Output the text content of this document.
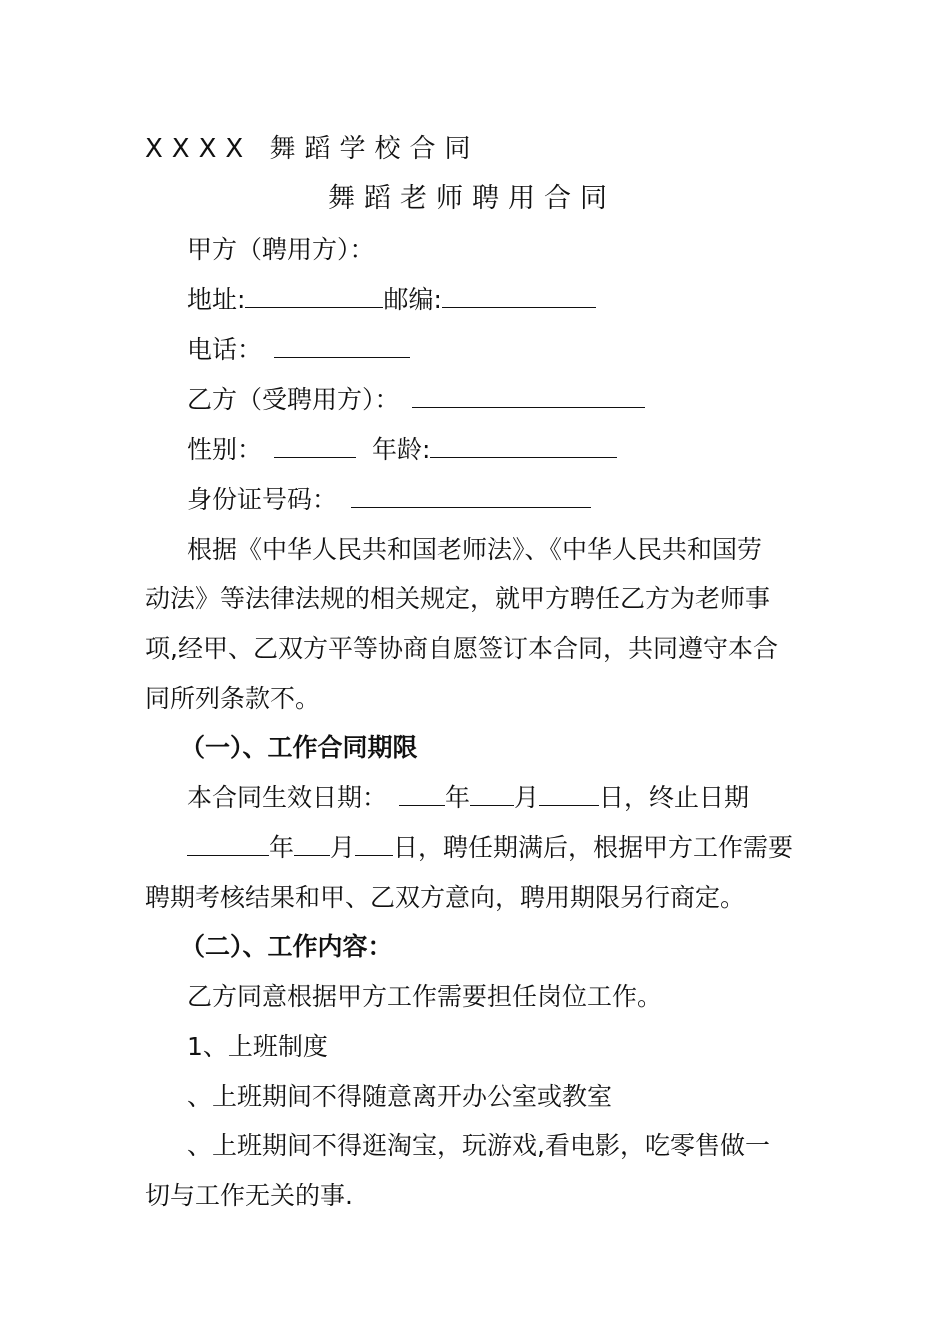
XXXX 舞蹈学校合同
舞蹈老师聘用合同
甲方（聘用方）：
地址:	邮编:
电话：
乙方（受聘用方）：
性别：	年龄:
身份证号码：
根据《中华人民共和国老师法》、《中华人民共和国劳
动法》等法律法规的相关规定，就甲方聘任乙方为老师事
项,经甲、乙双方平等协商自愿签订本合同，共同遵守本合
同所列条款不。
（一）、工作合同期限
本合同生效日期： 年 月 日，终止日期
年 月 日，聘任期满后，根据甲方工作需要
聘期考核结果和甲、乙双方意向，聘用期限另行商定。
（二）、工作内容：
乙方同意根据甲方工作需要担任岗位工作。
1、上班制度
、上班期间不得随意离开办公室或教室
、上班期间不得逛淘宝，玩游戏,看电影，吃零售做一
切与工作无关的事.
